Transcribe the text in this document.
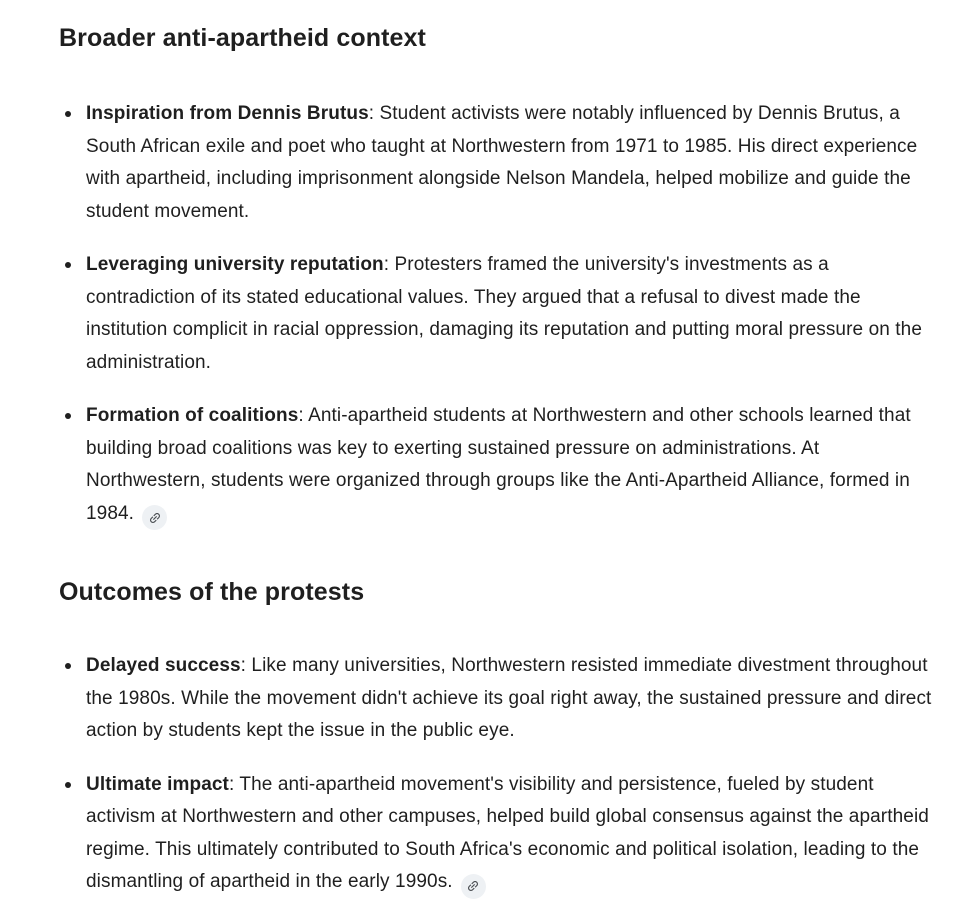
Broader anti-apartheid context

Inspiration from Dennis Brutus: Student activists were notably influenced by Dennis Brutus, a South African exile and poet who taught at Northwestern from 1971 to 1985. His direct experience with apartheid, including imprisonment alongside Nelson Mandela, helped mobilize and guide the student movement.

Leveraging university reputation: Protesters framed the university's investments as a contradiction of its stated educational values. They argued that a refusal to divest made the institution complicit in racial oppression, damaging its reputation and putting moral pressure on the administration.

Formation of coalitions: Anti-apartheid students at Northwestern and other schools learned that building broad coalitions was key to exerting sustained pressure on administrations. At Northwestern, students were organized through groups like the Anti-Apartheid Alliance, formed in 1984.

Outcomes of the protests

Delayed success: Like many universities, Northwestern resisted immediate divestment throughout the 1980s. While the movement didn't achieve its goal right away, the sustained pressure and direct action by students kept the issue in the public eye.

Ultimate impact: The anti-apartheid movement's visibility and persistence, fueled by student activism at Northwestern and other campuses, helped build global consensus against the apartheid regime. This ultimately contributed to South Africa's economic and political isolation, leading to the dismantling of apartheid in the early 1990s.
